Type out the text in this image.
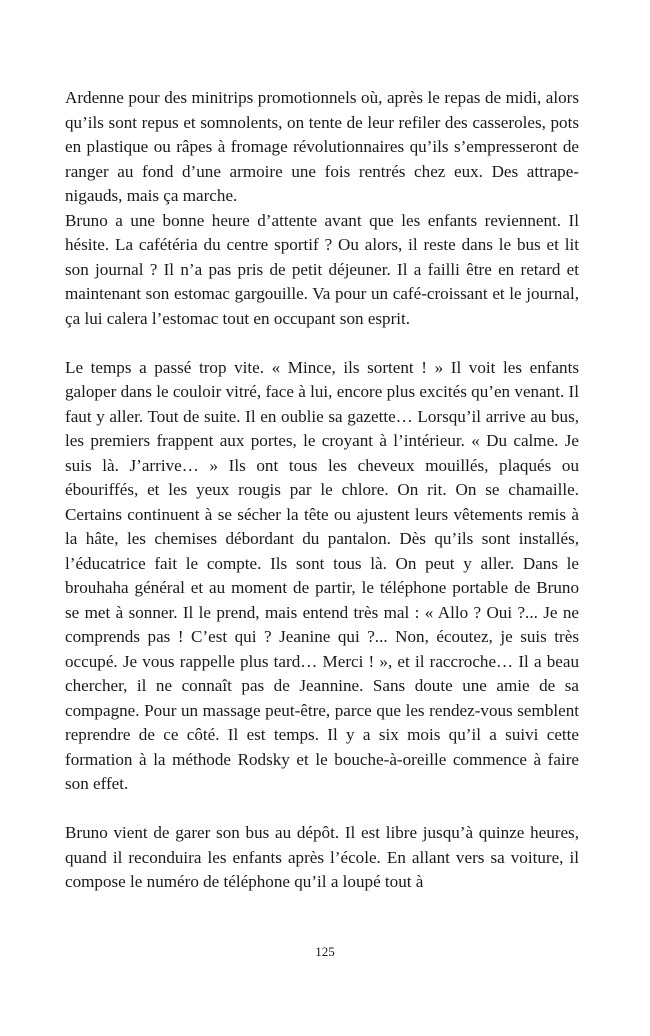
Ardenne pour des minitrips promotionnels où, après le repas de midi, alors qu’ils sont repus et somnolents, on tente de leur refiler des casseroles, pots en plastique ou râpes à fromage révolutionnaires qu’ils s’empresseront de ranger au fond d’une armoire une fois rentrés chez eux. Des attrape-nigauds, mais ça marche.

Bruno a une bonne heure d’attente avant que les enfants reviennent. Il hésite. La cafétéria du centre sportif ? Ou alors, il reste dans le bus et lit son journal ? Il n’a pas pris de petit déjeuner. Il a failli être en retard et maintenant son estomac gargouille. Va pour un café-croissant et le journal, ça lui calera l’estomac tout en occupant son esprit.

Le temps a passé trop vite. « Mince, ils sortent ! » Il voit les enfants galoper dans le couloir vitré, face à lui, encore plus excités qu’en venant. Il faut y aller. Tout de suite. Il en oublie sa gazette… Lorsqu’il arrive au bus, les premiers frappent aux portes, le croyant à l’intérieur. « Du calme. Je suis là. J’arrive… » Ils ont tous les cheveux mouillés, plaqués ou ébouriffés, et les yeux rougis par le chlore. On rit. On se chamaille. Certains continuent à se sécher la tête ou ajustent leurs vêtements remis à la hâte, les chemises débordant du pantalon. Dès qu’ils sont installés, l’éducatrice fait le compte. Ils sont tous là. On peut y aller. Dans le brouhaha général et au moment de partir, le téléphone portable de Bruno se met à sonner. Il le prend, mais entend très mal : « Allo ? Oui ?... Je ne comprends pas ! C’est qui ? Jeanine qui ?... Non, écoutez, je suis très occupé. Je vous rappelle plus tard… Merci ! », et il raccroche… Il a beau chercher, il ne connaît pas de Jeannine. Sans doute une amie de sa compagne. Pour un massage peut-être, parce que les rendez-vous semblent reprendre de ce côté. Il est temps. Il y a six mois qu’il a suivi cette formation à la méthode Rodsky et le bouche-à-oreille commence à faire son effet.

Bruno vient de garer son bus au dépôt. Il est libre jusqu’à quinze heures, quand il reconduira les enfants après l’école. En allant vers sa voiture, il compose le numéro de téléphone qu’il a loupé tout à

125
